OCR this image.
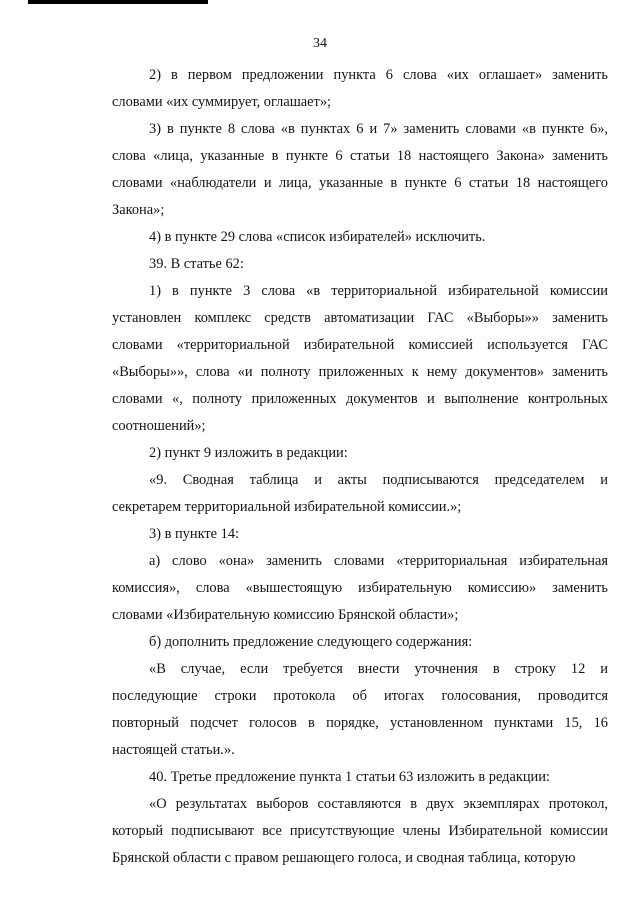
34
2) в первом предложении пункта 6 слова «их оглашает» заменить
словами «их суммирует, оглашает»;
3) в пункте 8 слова «в пунктах 6 и 7» заменить словами «в пункте 6»,
слова «лица, указанные в пункте 6 статьи 18 настоящего Закона» заменить
словами «наблюдатели и лица, указанные в пункте 6 статьи 18 настоящего
Закона»;
4) в пункте 29 слова «список избирателей» исключить.
39. В статье 62:
1) в пункте 3 слова «в территориальной избирательной комиссии
установлен комплекс средств автоматизации ГАС «Выборы»» заменить
словами «территориальной избирательной комиссией используется ГАС
«Выборы»», слова «и полноту приложенных к нему документов» заменить
словами «, полноту приложенных документов и выполнение контрольных
соотношений»;
2) пункт 9 изложить в редакции:
«9. Сводная таблица и акты подписываются председателем и
секретарем территориальной избирательной комиссии.»;
3) в пункте 14:
а) слово «она» заменить словами «территориальная избирательная
комиссия», слова «вышестоящую избирательную комиссию» заменить
словами «Избирательную комиссию Брянской области»;
б) дополнить предложение следующего содержания:
«В случае, если требуется внести уточнения в строку 12 и
последующие строки протокола об итогах голосования, проводится
повторный подсчет голосов в порядке, установленном пунктами 15, 16
настоящей статьи.».
40. Третье предложение пункта 1 статьи 63 изложить в редакции:
«О результатах выборов составляются в двух экземплярах протокол,
который подписывают все присутствующие члены Избирательной комиссии
Брянской области с правом решающего голоса, и сводная таблица, которую
